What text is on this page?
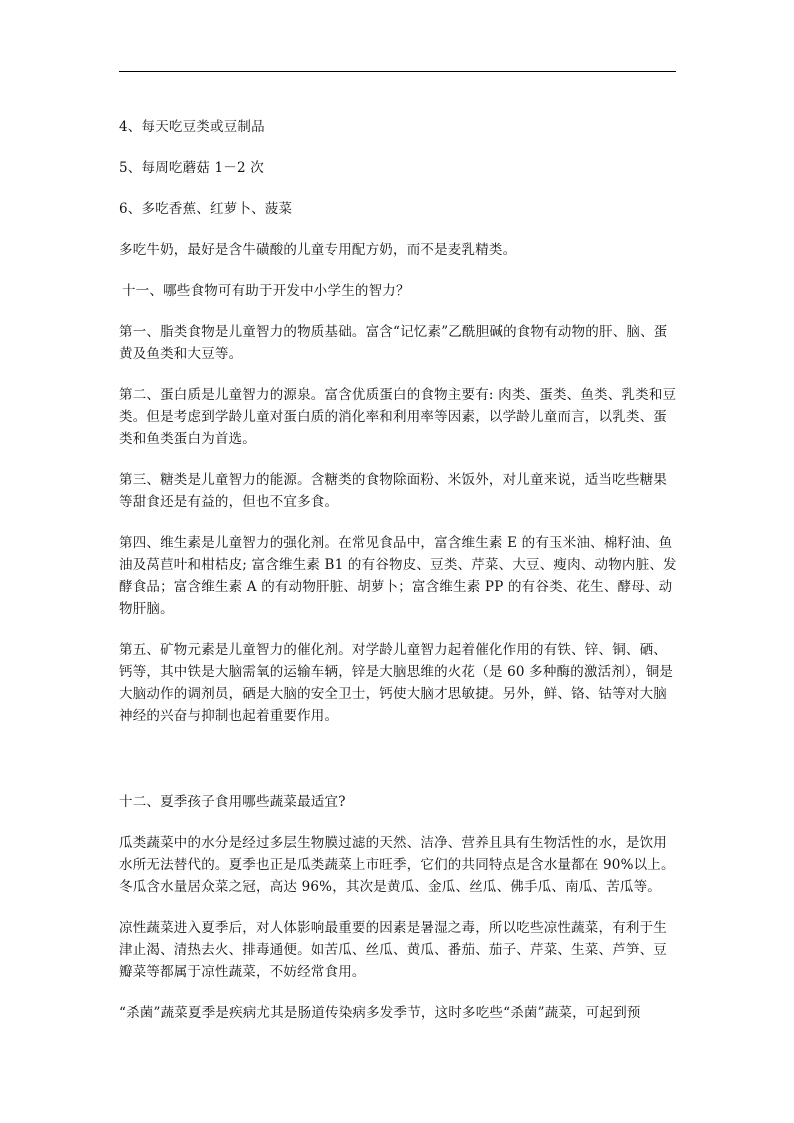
4、每天吃豆类或豆制品

5、每周吃蘑菇 1－2 次

6、多吃香蕉、红萝卜、菠菜

多吃牛奶，最好是含牛磺酸的儿童专用配方奶，而不是麦乳精类。

十一、哪些食物可有助于开发中小学生的智力？

第一、脂类食物是儿童智力的物质基础。富含“记忆素”乙酰胆碱的食物有动物的肝、脑、蛋黄及鱼类和大豆等。

第二、蛋白质是儿童智力的源泉。富含优质蛋白的食物主要有: 肉类、蛋类、鱼类、乳类和豆类。但是考虑到学龄儿童对蛋白质的消化率和利用率等因素，以学龄儿童而言，以乳类、蛋类和鱼类蛋白为首选。

第三、糖类是儿童智力的能源。含糖类的食物除面粉、米饭外，对儿童来说，适当吃些糖果等甜食还是有益的，但也不宜多食。

第四、维生素是儿童智力的强化剂。在常见食品中，富含维生素 E 的有玉米油、棉籽油、鱼油及莴苣叶和柑桔皮; 富含维生素 B1 的有谷物皮、豆类、芹菜、大豆、瘦肉、动物内脏、发酵食品；富含维生素 A 的有动物肝脏、胡萝卜；富含维生素 PP 的有谷类、花生、酵母、动物肝脑。

第五、矿物元素是儿童智力的催化剂。对学龄儿童智力起着催化作用的有铁、锌、铜、硒、钙等，其中铁是大脑需氧的运输车辆，锌是大脑思维的火花（是 60 多种酶的激活剂），铜是大脑动作的调剂员，硒是大脑的安全卫士，钙使大脑才思敏捷。另外，鲜、铬、钴等对大脑神经的兴奋与抑制也起着重要作用。

十二、夏季孩子食用哪些蔬菜最适宜?

瓜类蔬菜中的水分是经过多层生物膜过滤的天然、洁净、营养且具有生物活性的水，是饮用水所无法替代的。夏季也正是瓜类蔬菜上市旺季，它们的共同特点是含水量都在 90%以上。冬瓜含水量居众菜之冠，高达 96%，其次是黄瓜、金瓜、丝瓜、佛手瓜、南瓜、苦瓜等。

凉性蔬菜进入夏季后，对人体影响最重要的因素是暑湿之毒，所以吃些凉性蔬菜，有利于生津止渴、清热去火、排毒通便。如苦瓜、丝瓜、黄瓜、番茄、茄子、芹菜、生菜、芦笋、豆瓣菜等都属于凉性蔬菜，不妨经常食用。

“杀菌”蔬菜夏季是疾病尤其是肠道传染病多发季节，这时多吃些“杀菌”蔬菜，可起到预
